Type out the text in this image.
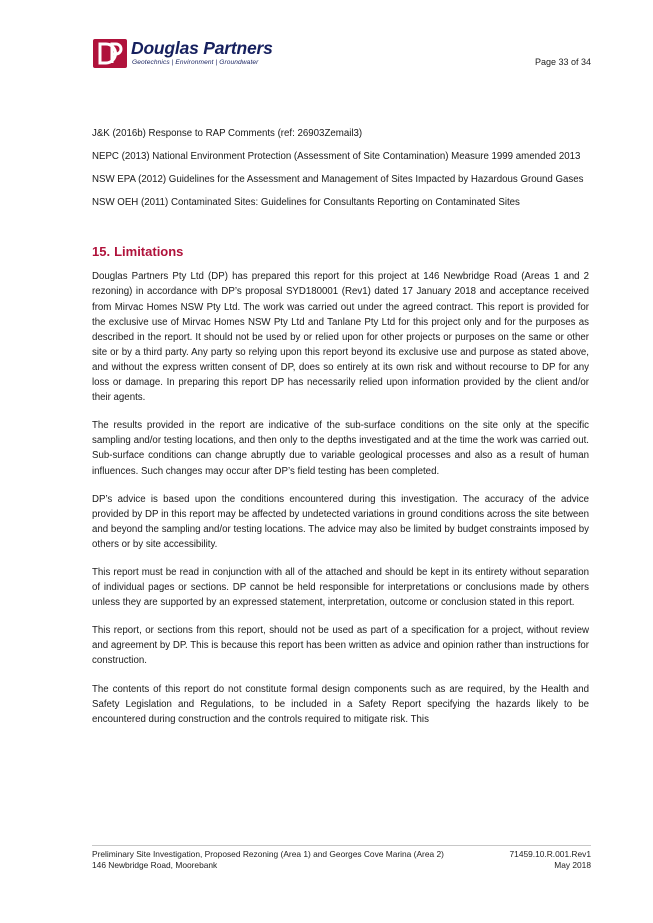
Douglas Partners
Geotechnics | Environment | Groundwater	Page 33 of 34

J&K (2016b) Response to RAP Comments (ref: 26903Zemail3)

NEPC (2013) National Environment Protection (Assessment of Site Contamination) Measure 1999 amended 2013

NSW EPA (2012) Guidelines for the Assessment and Management of Sites Impacted by Hazardous Ground Gases

NSW OEH (2011) Contaminated Sites: Guidelines for Consultants Reporting on Contaminated Sites

15. Limitations

Douglas Partners Pty Ltd (DP) has prepared this report for this project at 146 Newbridge Road (Areas 1 and 2 rezoning) in accordance with DP’s proposal SYD180001 (Rev1) dated 17 January 2018 and acceptance received from Mirvac Homes NSW Pty Ltd. The work was carried out under the agreed contract. This report is provided for the exclusive use of Mirvac Homes NSW Pty Ltd and Tanlane Pty Ltd for this project only and for the purposes as described in the report. It should not be used by or relied upon for other projects or purposes on the same or other site or by a third party. Any party so relying upon this report beyond its exclusive use and purpose as stated above, and without the express written consent of DP, does so entirely at its own risk and without recourse to DP for any loss or damage. In preparing this report DP has necessarily relied upon information provided by the client and/or their agents.

The results provided in the report are indicative of the sub-surface conditions on the site only at the specific sampling and/or testing locations, and then only to the depths investigated and at the time the work was carried out. Sub-surface conditions can change abruptly due to variable geological processes and also as a result of human influences. Such changes may occur after DP’s field testing has been completed.

DP’s advice is based upon the conditions encountered during this investigation. The accuracy of the advice provided by DP in this report may be affected by undetected variations in ground conditions across the site between and beyond the sampling and/or testing locations. The advice may also be limited by budget constraints imposed by others or by site accessibility.

This report must be read in conjunction with all of the attached and should be kept in its entirety without separation of individual pages or sections. DP cannot be held responsible for interpretations or conclusions made by others unless they are supported by an expressed statement, interpretation, outcome or conclusion stated in this report.

This report, or sections from this report, should not be used as part of a specification for a project, without review and agreement by DP. This is because this report has been written as advice and opinion rather than instructions for construction.

The contents of this report do not constitute formal design components such as are required, by the Health and Safety Legislation and Regulations, to be included in a Safety Report specifying the hazards likely to be encountered during construction and the controls required to mitigate risk. This

Preliminary Site Investigation, Proposed Rezoning (Area 1) and Georges Cove Marina (Area 2)
146 Newbridge Road, Moorebank
71459.10.R.001.Rev1
May 2018
